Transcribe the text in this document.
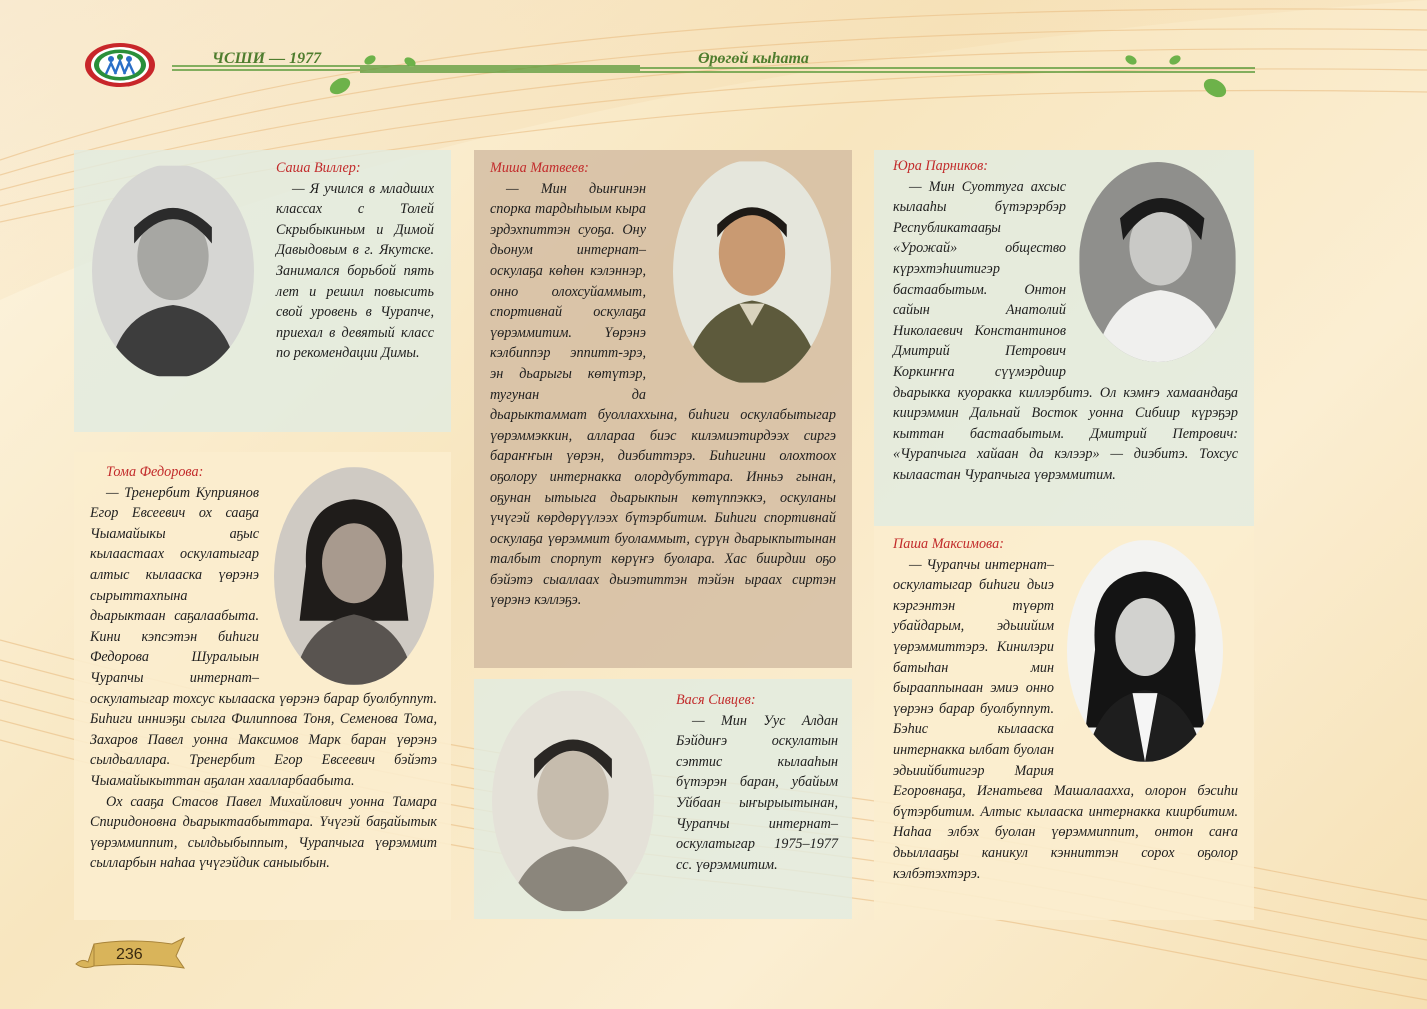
ЧСШИ — 1977	Өрөгөй кыhата
Саша Виллер:

— Я учился в младших классах с Толей Скрыбыкиным и Димой Давыдовым в г. Якутске. Занимался борьбой пять лет и решил повысить свой уровень в Чурапче, приехал в девятый класс по рекомендации Димы.

Миша Матвеев:

— Мин дьиҥинэн спорка тардыhыым кыра эрдэхпиттэн суоҕа. Ону дьонум интернат–оскулаҕа көhөн кэлэннэр, онно олохсуйаммыт, спортивнай оскулаҕа үөрэммитим. Үөрэнэ кэлбиппэр эппитт-эрэ, эн дьарыгы көтүтэр, тугунан да дьарыктаммат буоллахxына, биhиги оскулабытыгар үөрэммэккин, аллараа биэс килэмиэтирдээх сиргэ бараҥҥын үөрэн, диэбиттэрэ. Биhигини олохтоох оҕолору интернакка олордубуттара. Инньэ гынан, оҕунан ытыыга дьарыкпын көтүппэккэ, оскуланы үчүгэй көрдөрүүлээх бүтэрбитим. Биhиги спортивнай оскулаҕа үөрэммит буоламмыт, сүрүн дьарыкпытынан талбыт спорпут көрүҥэ буолара. Хас биирдии оҕо бэйэтэ сыаллаах дьиэтиттэн тэйэн ыраах сиртэн үөрэнэ кэллэҕэ.

Юра Парников:

— Мин Суоттуга ахсыс кылааhы бүтэрэрбэр Республикатааҕы «Урожай» общество күрэхтэhиитигэр бастаабытым. Онтон сайын Анатолий Николаевич Константинов Дмитрий Петрович Коркиҥҥа сүүмэрдиир дьарыкка куоракка киллэрбитэ. Ол кэмҥэ хамаандаҕа киирэммин Дальнай Восток уонна Сибиир күрэҕэр кыттан бастаабытым. Дмитрий Петрович: «Чурапчыга хайаан да кэлээр» — диэбитэ. Тохсус кылаастан Чурапчыга үөрэммитим.

Тома Федорова:

— Тренербит Куприянов Егор Евсеевич ох сааҕа Чыамайыкы аҕыс кылаастаах оскулатыгар алтыс кылааска үөрэнэ сырыттахпына дьарыктаан саҕалаабыта. Кини кэпсэтэн биhиги Федорова Шуралыын Чурапчы интернат–оскулатыгар тохсус кылааска үөрэнэ барар буолбуппут. Биhиги инниэҕи сылга Филиппова Тоня, Семенова Тома, Захаров Павел уонна Максимов Марк баран үөрэнэ сылдьаллара. Тренербит Егор Евсеевич бэйэтэ Чыамайыкыттан аҕалан хаалларбаабыта.

Ох сааҕа Стасов Павел Михайлович уонна Тамара Спиридоновна дьарыктаабыттара. Үчүгэй баҕайытык үөрэммиппит, сылдьыбыппыт, Чурапчыга үөрэммит сылларбын наhаа үчүгэйдик саныыбын.

Вася Сивцев:

— Мин Уус Алдан Бэйдиҥэ оскулатын сэттис кылааhын бүтэрэн баран, убайым Уйбаан ыҥырыытынан, Чурапчы интернат–оскулатыгар 1975–1977 сс. үөрэммитим.

Паша Максимова:

— Чурапчы интернат–оскулатыгар биhиги дьиэ кэргэнтэн түөрт убайдарым, эдьиийим үөрэммиттэрэ. Кинилэри батыhан мин бырааппынаан эмиэ онно үөрэнэ барар буолбуппут. Бэhис кылааска интернакка ылбат буолан эдьиийбитигэр Мария Егоровнаҕа, Игнатьева Машалааххa, олорон бэсиhи бүтэрбитим. Алтыс кылааска интернакка киирбитим. Наhаа элбэх буолан үөрэммиппит, онтон саҥа дьыллааҕы каникул кэнниттэн сорох оҕолор кэлбэтэхтэрэ.

236
